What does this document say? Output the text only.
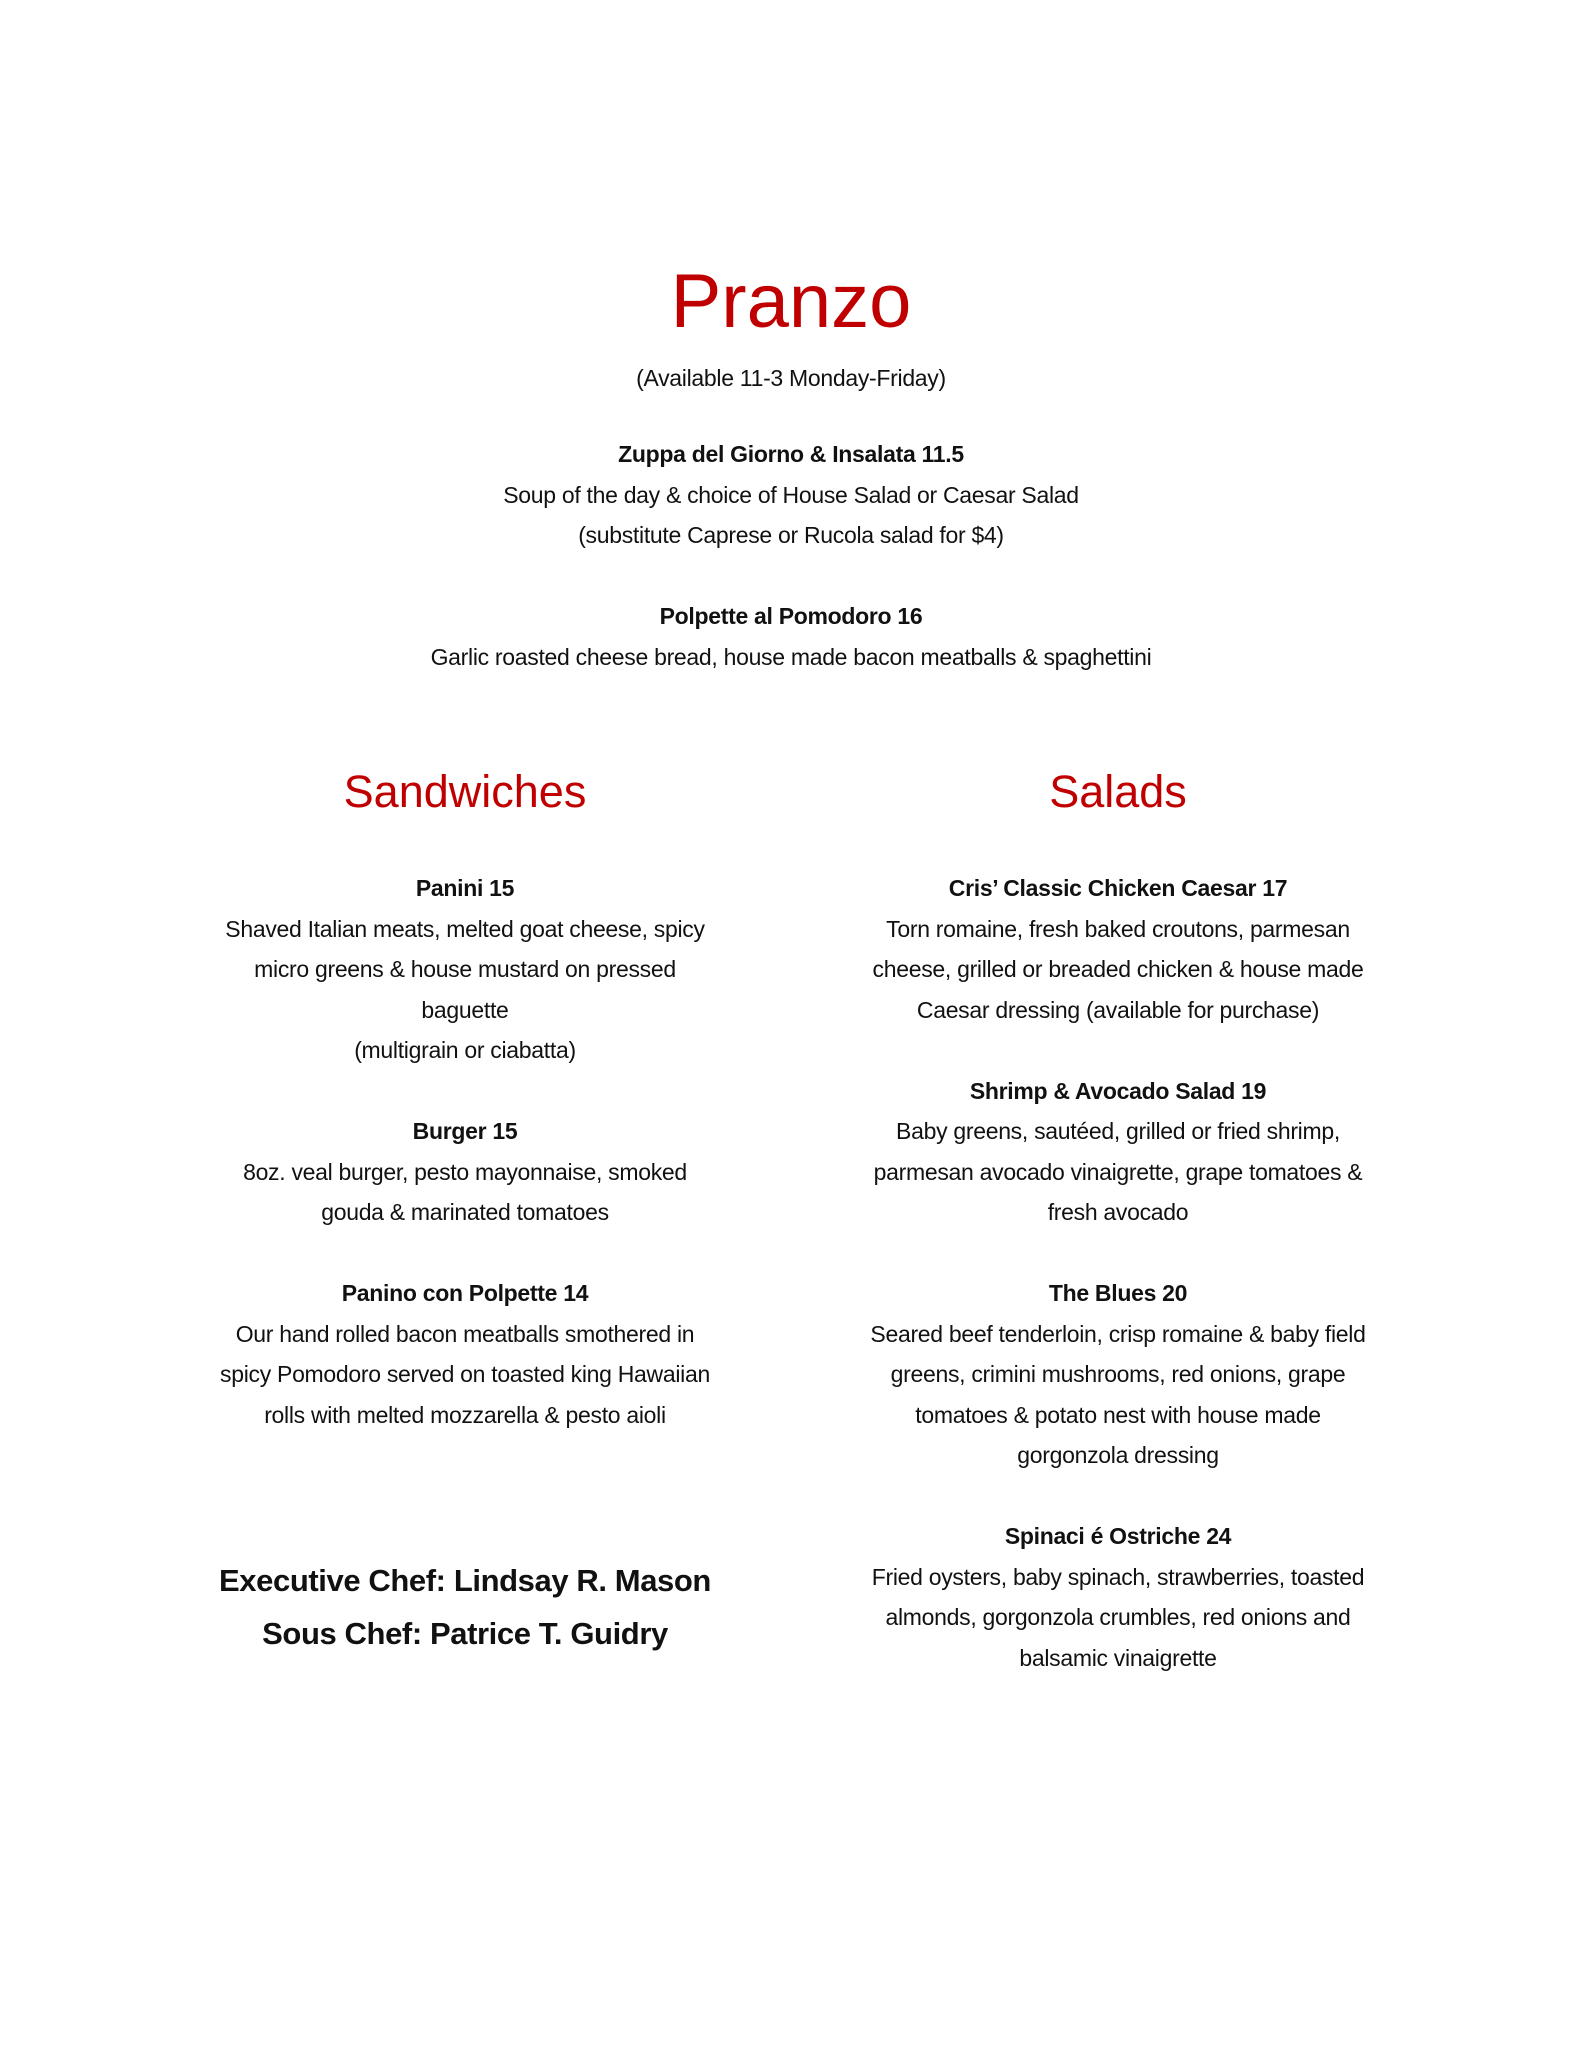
Pranzo
(Available 11-3 Monday-Friday)
Zuppa del Giorno & Insalata 11.5
Soup of the day & choice of House Salad or Caesar Salad
(substitute Caprese or Rucola salad for $4)
Polpette al Pomodoro 16
Garlic roasted cheese bread, house made bacon meatballs & spaghettini
Sandwiches	Salads
Panini 15
Shaved Italian meats, melted goat cheese, spicy
micro greens & house mustard on pressed
baguette
(multigrain or ciabatta)
Burger 15
8oz. veal burger, pesto mayonnaise, smoked
gouda & marinated tomatoes
Panino con Polpette 14
Our hand rolled bacon meatballs smothered in
spicy Pomodoro served on toasted king Hawaiian
rolls with melted mozzarella & pesto aioli
Cris’ Classic Chicken Caesar 17
Torn romaine, fresh baked croutons, parmesan
cheese, grilled or breaded chicken & house made
Caesar dressing (available for purchase)
Shrimp & Avocado Salad 19
Baby greens, sautéed, grilled or fried shrimp,
parmesan avocado vinaigrette, grape tomatoes &
fresh avocado
The Blues 20
Seared beef tenderloin, crisp romaine & baby field
greens, crimini mushrooms, red onions, grape
tomatoes & potato nest with house made
gorgonzola dressing
Spinaci é Ostriche 24
Fried oysters, baby spinach, strawberries, toasted
almonds, gorgonzola crumbles, red onions and
balsamic vinaigrette
Executive Chef: Lindsay R. Mason
Sous Chef: Patrice T. Guidry
